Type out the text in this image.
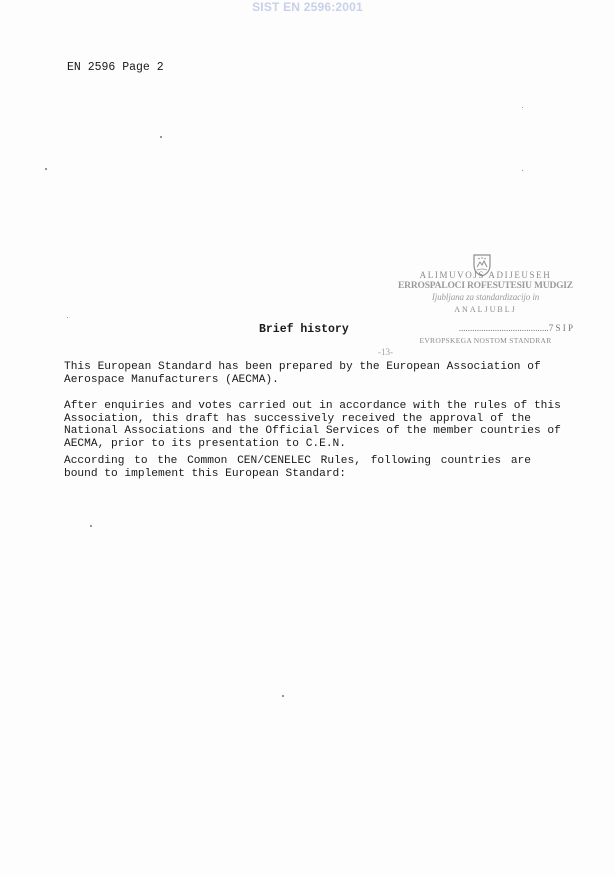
SIST EN 2596:2001
EN 2596 Page 2
ALIMUVOJS ADIJEUSEH
ERROSPALOCI ROFESUTESIU MUDGIZ
Ijubljana za standardizacijo in
ANALJUBLJ
........................................7 S I P
EVROPSKEGA NOSTOM STANDRAR
-13-
Brief history
This European Standard has been prepared by the European Association of
Aerospace Manufacturers (AECMA).
After enquiries and votes carried out in accordance with the rules of this
Association, this draft has successively received the approval of the
National Associations and the Official Services of the member countries of
AECMA, prior to its presentation to C.E.N.
According to the Common CEN/CENELEC Rules, following countries are
bound to implement this European Standard:
